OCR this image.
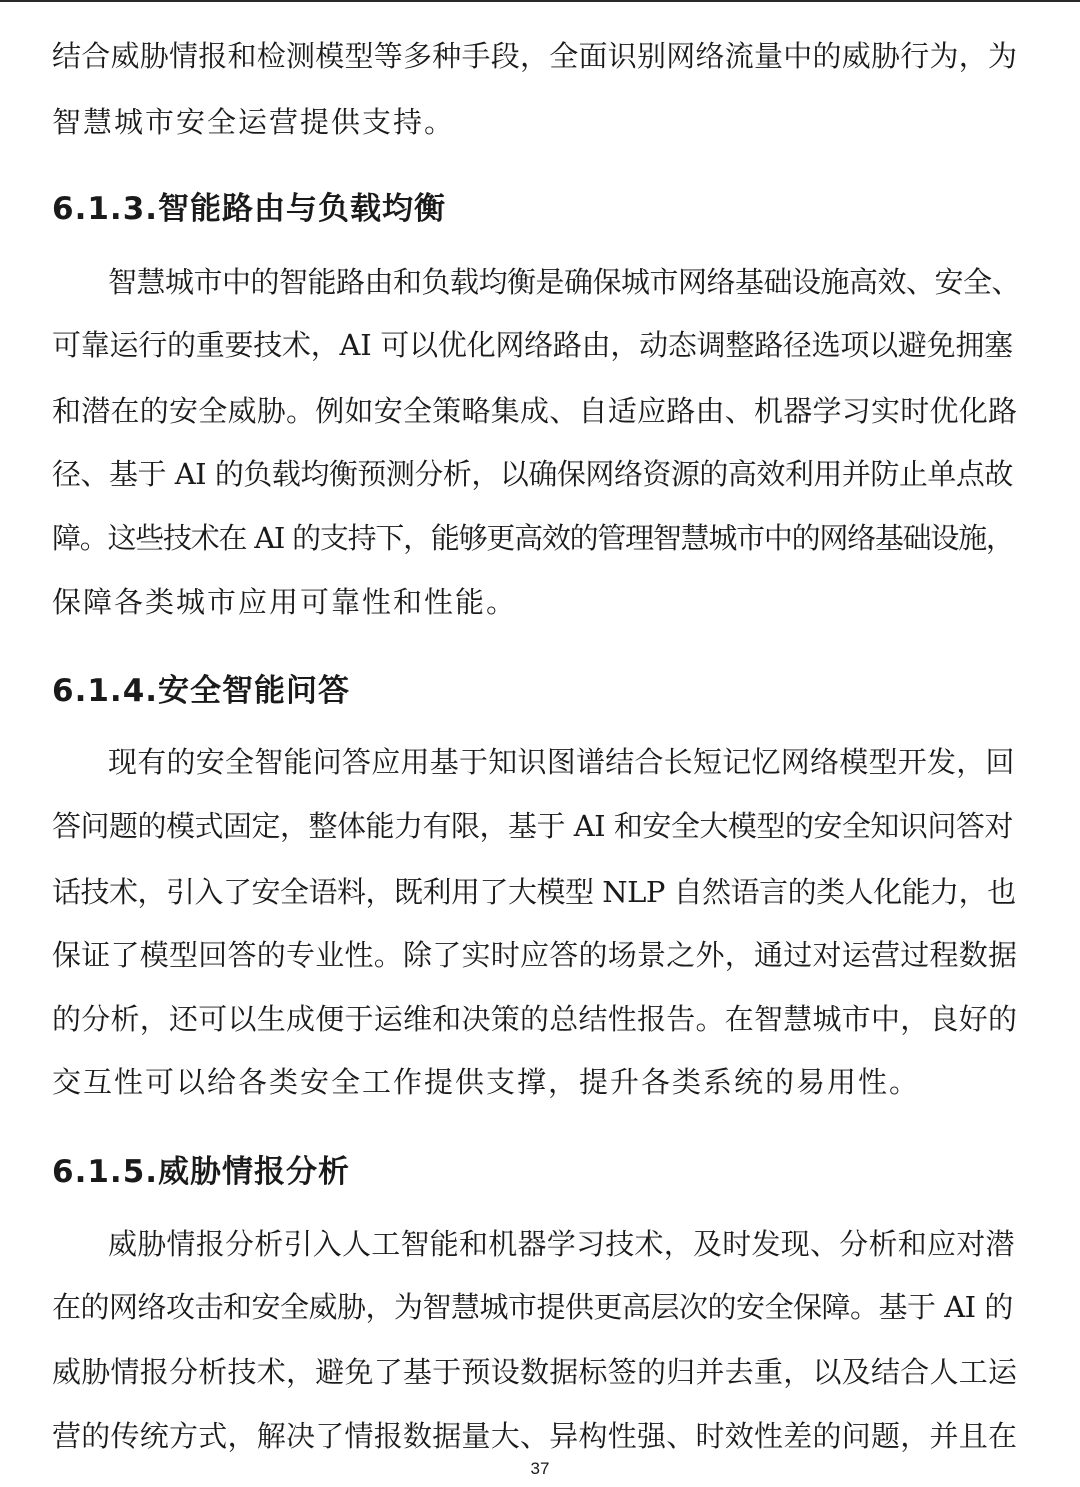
结合威胁情报和检测模型等多种手段，全面识别网络流量中的威胁行为，为
智慧城市安全运营提供支持。
6.1.3.智能路由与负载均衡
智慧城市中的智能路由和负载均衡是确保城市网络基础设施高效、安全、
可靠运行的重要技术，AI 可以优化网络路由，动态调整路径选项以避免拥塞
和潜在的安全威胁。例如安全策略集成、自适应路由、机器学习实时优化路
径、基于 AI 的负载均衡预测分析，以确保网络资源的高效利用并防止单点故
障。这些技术在 AI 的支持下，能够更高效的管理智慧城市中的网络基础设施，
保障各类城市应用可靠性和性能。
6.1.4.安全智能问答
现有的安全智能问答应用基于知识图谱结合长短记忆网络模型开发，回
答问题的模式固定，整体能力有限，基于 AI 和安全大模型的安全知识问答对
话技术，引入了安全语料，既利用了大模型 NLP 自然语言的类人化能力，也
保证了模型回答的专业性。除了实时应答的场景之外，通过对运营过程数据
的分析，还可以生成便于运维和决策的总结性报告。在智慧城市中，良好的
交互性可以给各类安全工作提供支撑，提升各类系统的易用性。
6.1.5.威胁情报分析
威胁情报分析引入人工智能和机器学习技术，及时发现、分析和应对潜
在的网络攻击和安全威胁，为智慧城市提供更高层次的安全保障。基于 AI 的
威胁情报分析技术，避免了基于预设数据标签的归并去重，以及结合人工运
营的传统方式，解决了情报数据量大、异构性强、时效性差的问题，并且在
37
